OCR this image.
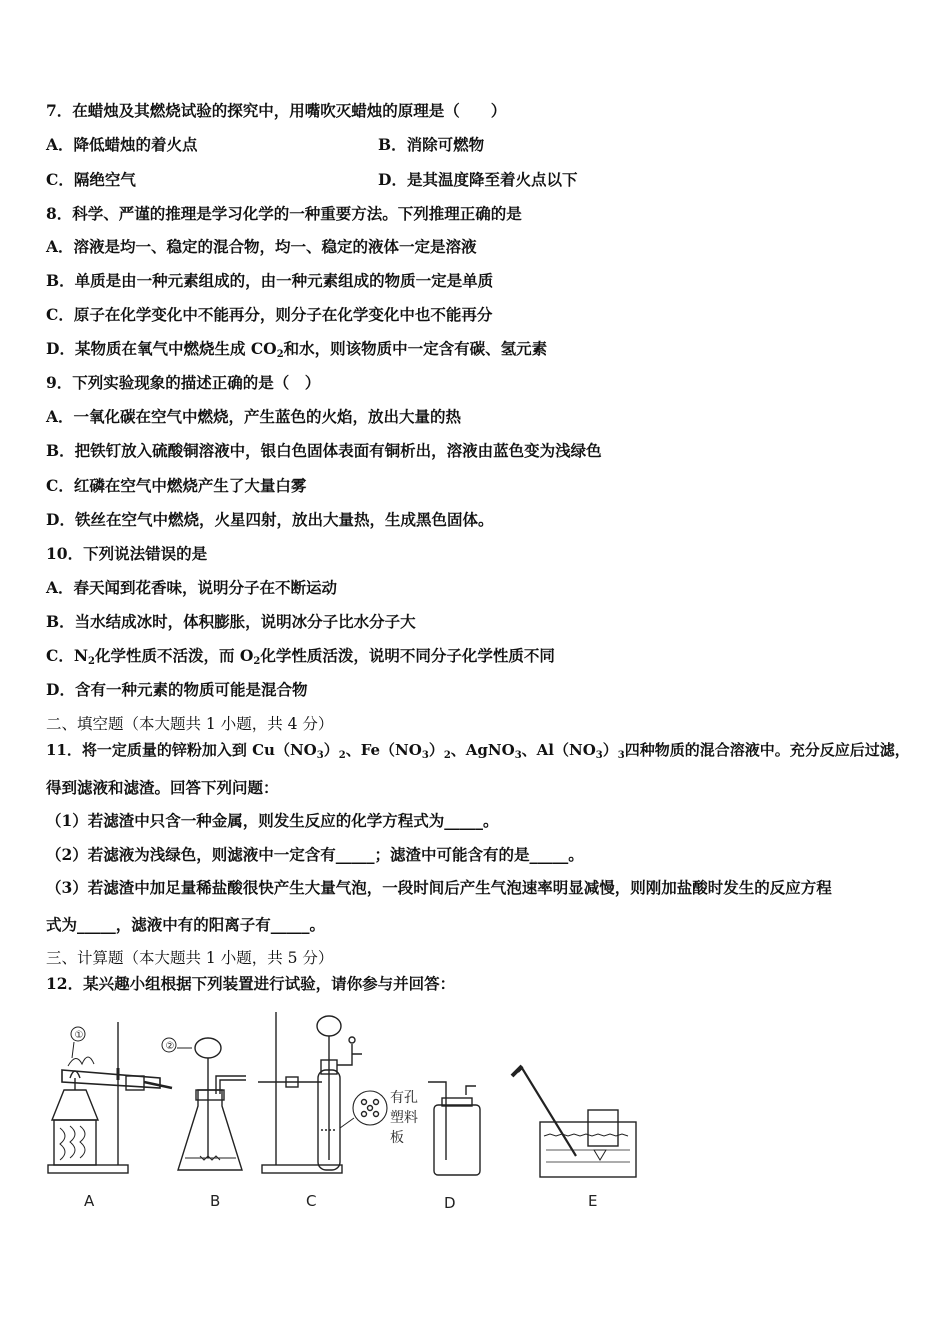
7．在蜡烛及其燃烧试验的探究中，用嘴吹灭蜡烛的原理是（　　）
A．降低蜡烛的着火点	B．消除可燃物
C．隔绝空气	D．是其温度降至着火点以下
8．科学、严谨的推理是学习化学的一种重要方法。下列推理正确的是
A．溶液是均一、稳定的混合物，均一、稳定的液体一定是溶液
B．单质是由一种元素组成的，由一种元素组成的物质一定是单质
C．原子在化学变化中不能再分，则分子在化学变化中也不能再分
D．某物质在氧气中燃烧生成 $CO_2$和水，则该物质中一定含有碳、氢元素
9．下列实验现象的描述正确的是（　）
A．一氧化碳在空气中燃烧，产生蓝色的火焰，放出大量的热
B．把铁钉放入硫酸铜溶液中，银白色固体表面有铜析出，溶液由蓝色变为浅绿色
C．红磷在空气中燃烧产生了大量白雾
D．铁丝在空气中燃烧，火星四射，放出大量热，生成黑色固体。
10．下列说法错误的是
A．春天闻到花香味，说明分子在不断运动
B．当水结成冰时，体积膨胀，说明冰分子比水分子大
C．$N_2$化学性质不活泼，而 $O_2$化学性质活泼，说明不同分子化学性质不同
D．含有一种元素的物质可能是混合物
二、填空题（本大题共 1 小题，共 4 分）
11．将一定质量的锌粉加入到 $Cu(NO_3)_2$、$Fe(NO_3)_2$、AgNO$_3$、$Al(NO_3)_3$四种物质的混合溶液中。充分反应后过滤，
得到滤液和滤渣。回答下列问题：
（1）若滤渣中只含一种金属，则发生反应的化学方程式为_____。
（2）若滤液为浅绿色，则滤液中一定含有_____；滤渣中可能含有的是_____。
（3）若滤渣中加足量稀盐酸很快产生大量气泡，一段时间后产生气泡速率明显减慢，则刚加盐酸时发生的反应方程
式为_____，滤液中有的阳离子有_____。
三、计算题（本大题共 1 小题，共 5 分）
12．某兴趣小组根据下列装置进行试验，请你参与并回答：
①
A
②
B
有孔
塑料
板
C	D	E
